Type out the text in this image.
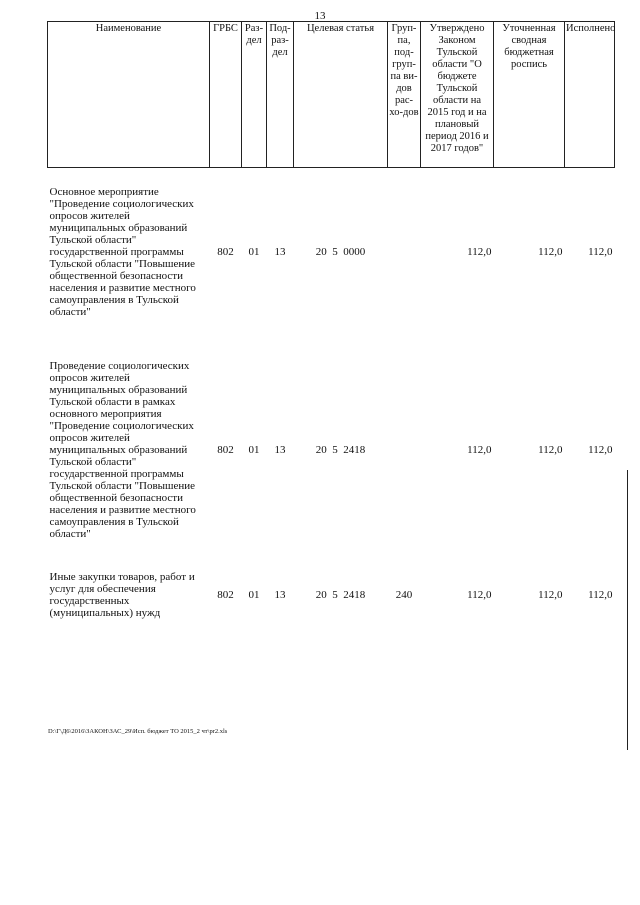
13
Наименование	ГРБС	Раз-дел	Под-раз-дел	Целевая статья	Груп-па, под-груп-па ви-дов рас-хо-дов	Утверждено Законом Тульской области "О бюджете Тульской области на 2015 год и на плановый период 2016 и 2017 годов"	Уточненная сводная бюджетная роспись	Исполнено

Основное мероприятие "Проведение социологических опросов жителей муниципальных образований Тульской области" государственной программы Тульской области "Повышение общественной безопасности населения и развитие местного самоуправления в Тульской области"	802	01	13	20  5  0000		112,0	112,0	112,0

Проведение социологических опросов жителей муниципальных образований Тульской области в рамках основного мероприятия "Проведение социологических опросов жителей муниципальных образований Тульской области" государственной программы Тульской области "Повышение общественной безопасности населения и развитие местного самоуправления в Тульской области"	802	01	13	20  5  2418		112,0	112,0	112,0

Иные закупки товаров, работ и услуг для обеспечения государственных (муниципальных) нужд	802	01	13	20  5  2418	240	112,0	112,0	112,0
D:\Г\Д6\2016\ЗАКОН\ЗАС_29\Исп. бюджет ТО 2015_2 чт\pr2.xls
